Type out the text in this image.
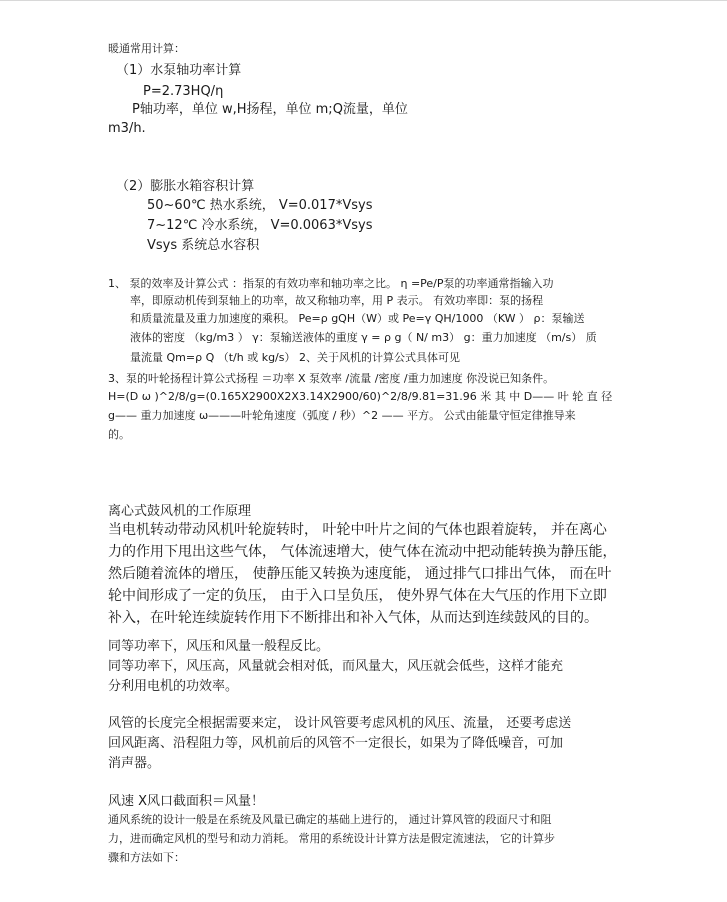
暖通常用计算：
（1）水泵轴功率计算
P=2.73HQ/η
P轴功率，单位 w,H扬程，单位 m;Q流量，单位
m3/h.
（2）膨胀水箱容积计算
50~60℃ 热水系统， V=0.017*Vsys
7~12℃ 冷水系统， V=0.0063*Vsys
Vsys 系统总水容积
1、 泵的效率及计算公式 ：指泵的有效功率和轴功率之比。 η =Pe/P泵的功率通常指输入功
率，即原动机传到泵轴上的功率，故又称轴功率，用 P 表示。 有效功率即：泵的扬程
和质量流量及重力加速度的乘积。 Pe=ρ gQH（W）或 Pe=γ QH/1000 （KW ） ρ：泵输送
液体的密度 （kg/m3 ） γ：泵输送液体的重度 γ = ρ g（ N/ m3） g：重力加速度 （m/s） 质
量流量 Qm=ρ Q （t/h 或 kg/s） 2、关于风机的计算公式具体可见
3、泵的叶轮扬程计算公式扬程 ＝功率 X 泵效率 /流量 /密度 /重力加速度 你没说已知条件。
H=(D ω )^2/8/g=(0.165X2900X2X3.14X2900/60)^2/8/9.81=31.96 米 其 中 D—— 叶 轮 直 径
g—— 重力加速度 ω———叶轮角速度（弧度 / 秒）^2 —— 平方。 公式由能量守恒定律推导来
的。
离心式鼓风机的工作原理
当电机转动带动风机叶轮旋转时， 叶轮中叶片之间的气体也跟着旋转， 并在离心
力的作用下甩出这些气体， 气体流速增大，使气体在流动中把动能转换为静压能，
然后随着流体的增压， 使静压能又转换为速度能， 通过排气口排出气体， 而在叶
轮中间形成了一定的负压， 由于入口呈负压， 使外界气体在大气压的作用下立即
补入，在叶轮连续旋转作用下不断排出和补入气体，从而达到连续鼓风的目的。
同等功率下，风压和风量一般程反比。
同等功率下，风压高，风量就会相对低，而风量大，风压就会低些，这样才能充
分利用电机的功效率。
风管的长度完全根据需要来定， 设计风管要考虑风机的风压、流量， 还要考虑送
回风距离、沿程阻力等，风机前后的风管不一定很长，如果为了降低噪音，可加
消声器。
风速 X风口截面积＝风量！
通风系统的设计一般是在系统及风量已确定的基础上进行的， 通过计算风管的段面尺寸和阻
力，进而确定风机的型号和动力消耗。 常用的系统设计计算方法是假定流速法， 它的计算步
骤和方法如下：
